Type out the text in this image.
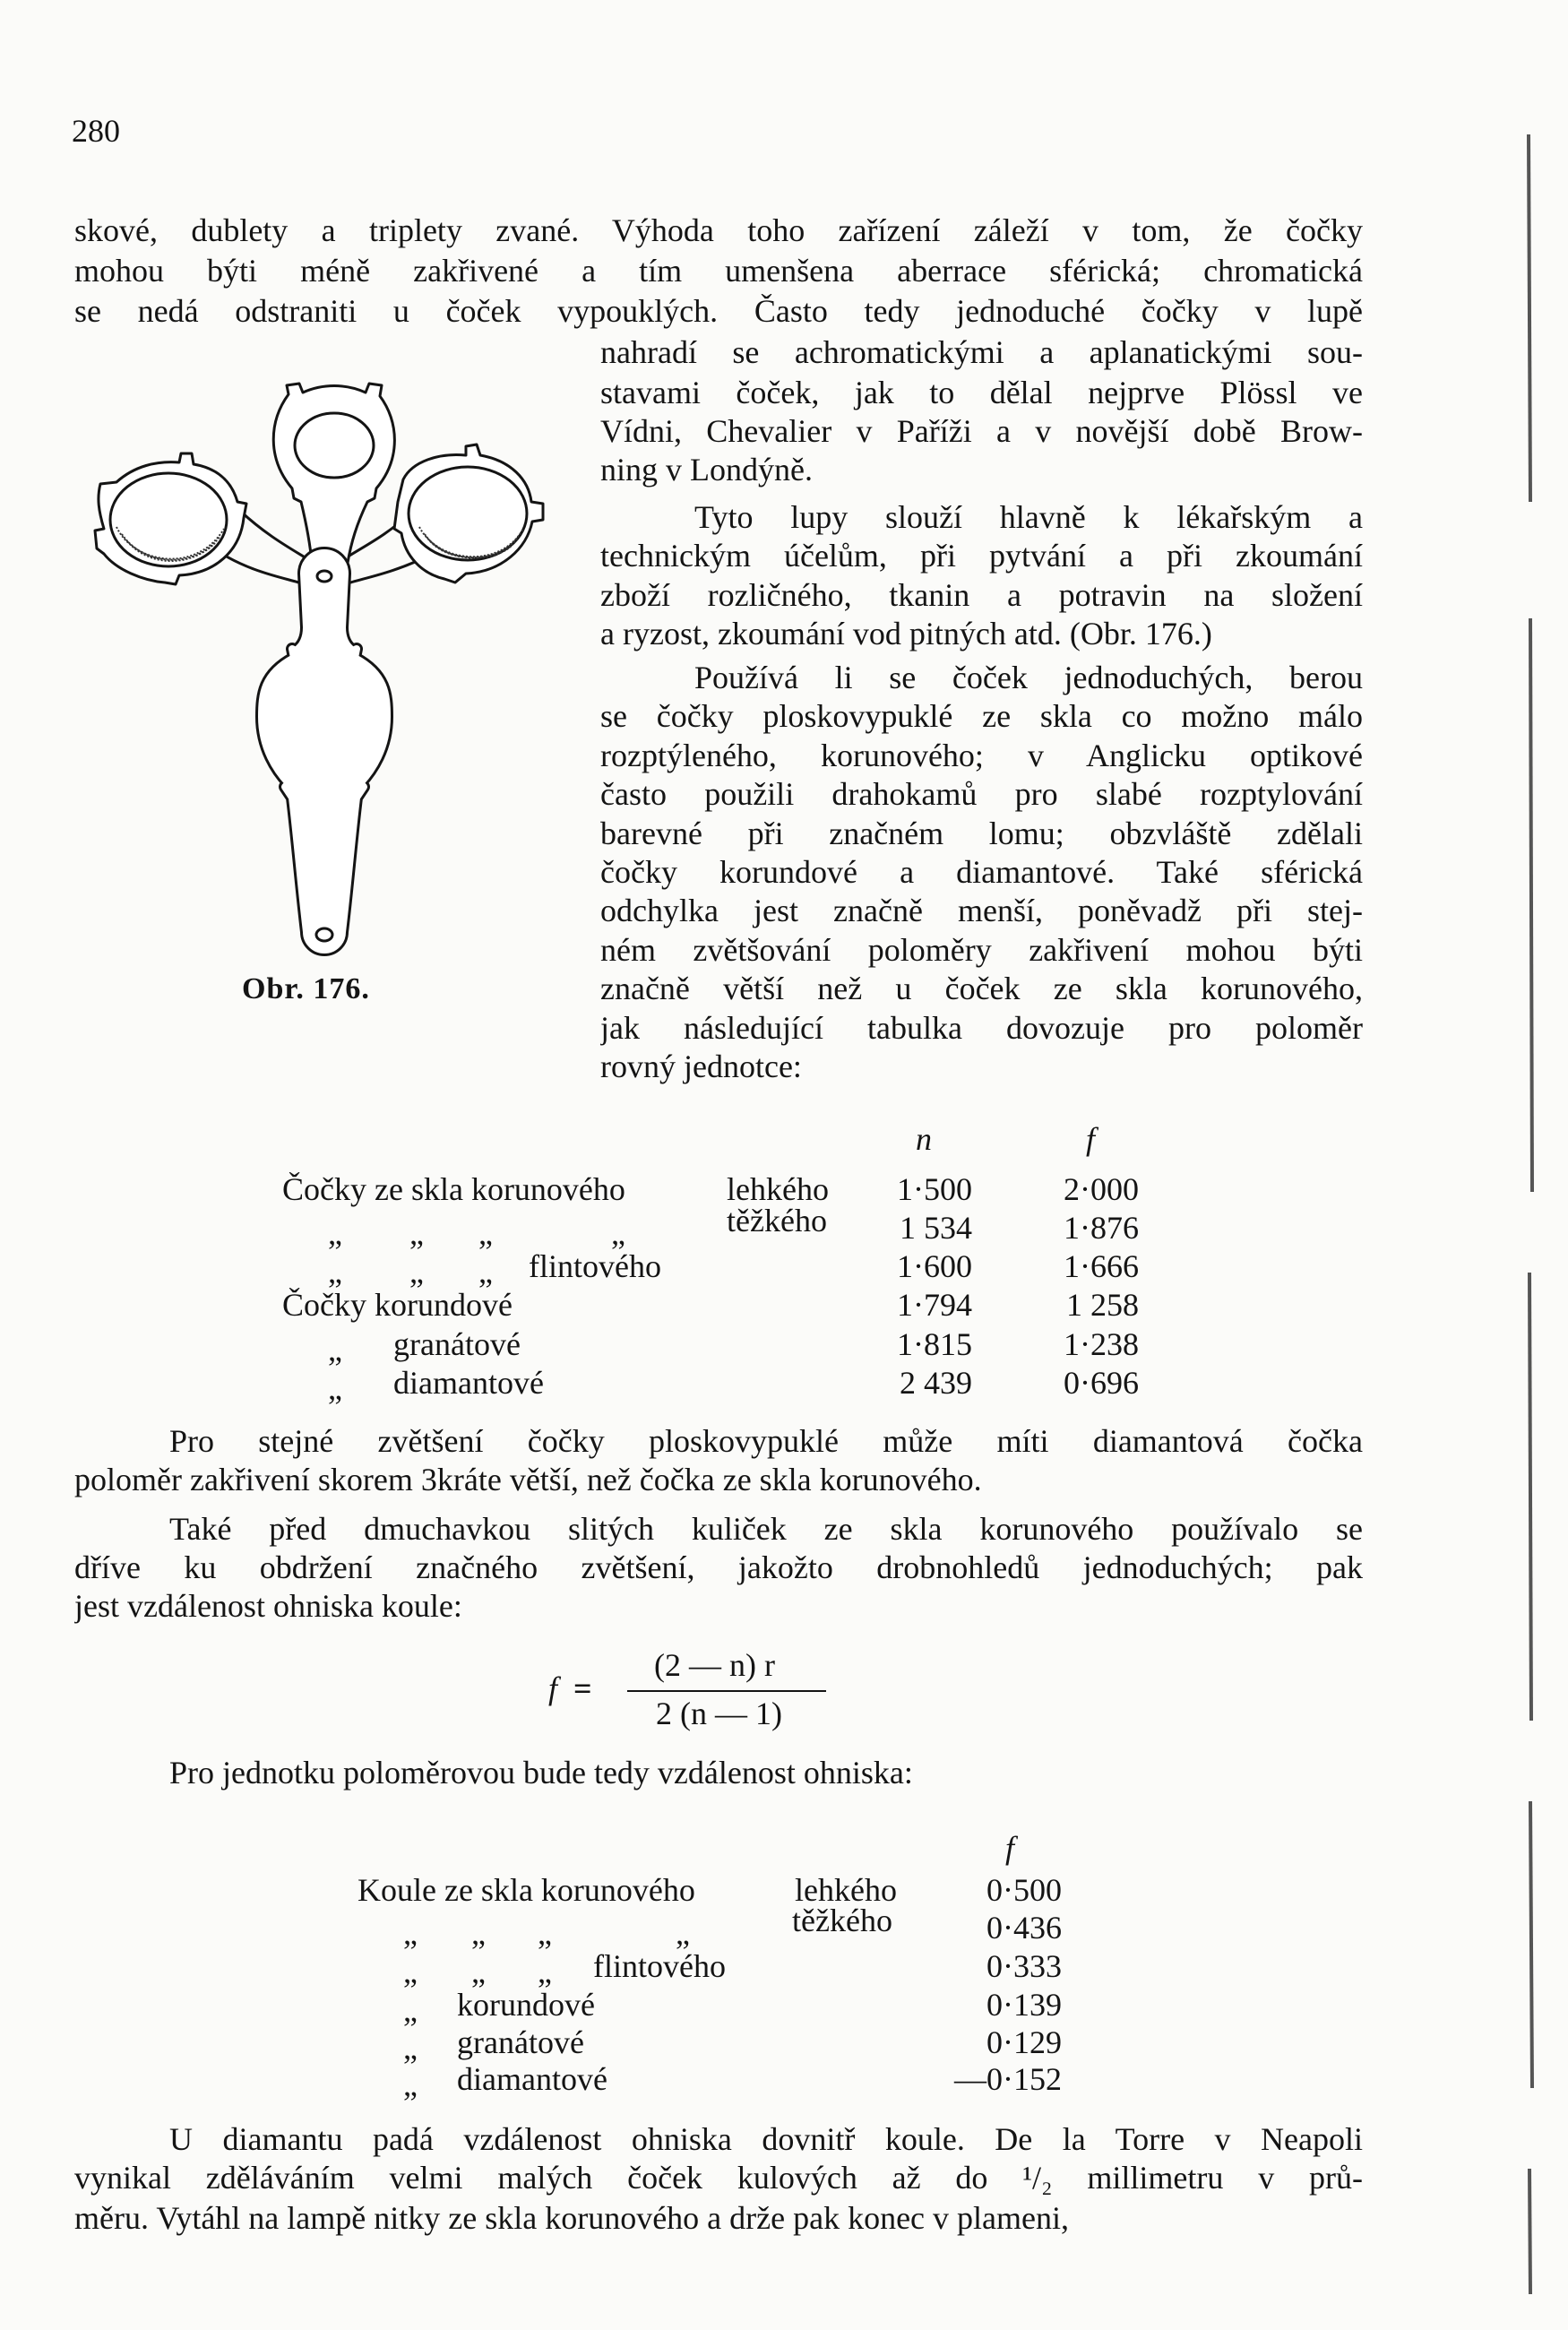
280
Obr. 176.
skové, dublety a triplety zvané. Výhoda toho zařízení záleží v tom, že čočky
mohou býti méně zakřivené a tím umenšena aberrace sférická; chromatická
se nedá odstraniti u čoček vypouklých. Často tedy jednoduché čočky v lupě
nahradí se achromatickými a aplanatickými sou-
stavami čoček, jak to dělal nejprve Plössl ve
Vídni, Chevalier v Paříži a v novější době Brow-
ning v Londýně.
Tyto lupy slouží hlavně k lékařským a
technickým účelům, při pytvání a při zkoumání
zboží rozličného, tkanin a potravin na složení
a ryzost, zkoumání vod pitných atd. (Obr. 176.)
Používá li se čoček jednoduchých, berou
se čočky ploskovypuklé ze skla co možno málo
rozptýleného, korunového; v Anglicku optikové
často použili drahokamů pro slabé rozptylování
barevné při značném lomu; obzvláště zdělali
čočky korundové a diamantové. Také sférická
odchylka jest značně menší, poněvadž při stej-
ném zvětšování poloměry zakřivení mohou býti
značně větší než u čoček ze skla korunového,
jak následující tabulka dovozuje pro poloměr
rovný jednotce:
Pro stejné zvětšení čočky ploskovypuklé může míti diamantová čočka
poloměr zakřivení skorem 3kráte větší, než čočka ze skla korunového.
Také před dmuchavkou slitých kuliček ze skla korunového používalo se
dříve ku obdržení značného zvětšení, jakožto drobnohledů jednoduchých; pak
jest vzdálenost ohniska koule:
Pro jednotku poloměrovou bude tedy vzdálenost ohniska:
U diamantu padá vzdálenost ohniska dovnitř koule. De la Torre v Neapoli
vynikal zděláváním velmi malých čoček kulových až do ¹/₂ millimetru v prů-
měru. Vytáhl na lampě nitky ze skla korunového a drže pak konec v plameni,
n	f
Čočky ze skla korunového	lehkého	1·500	2·000
„ „ „	„	těžkého	1 534	1·876
„ „ „ flintového	1·600	1·666
Čočky korundové	1·794	1 258
„ granátové	1·815	1·238
„ diamantové	2 439	0·696
f
Koule ze skla korunového	lehkého	0·500
„ „ „	„	těžkého	0·436
„ „ „ flintového	0·333
„ korundové	0·139
„ granátové	0·129
„ diamantové	—0·152
f =
(2 — n) r
2 (n — 1)
